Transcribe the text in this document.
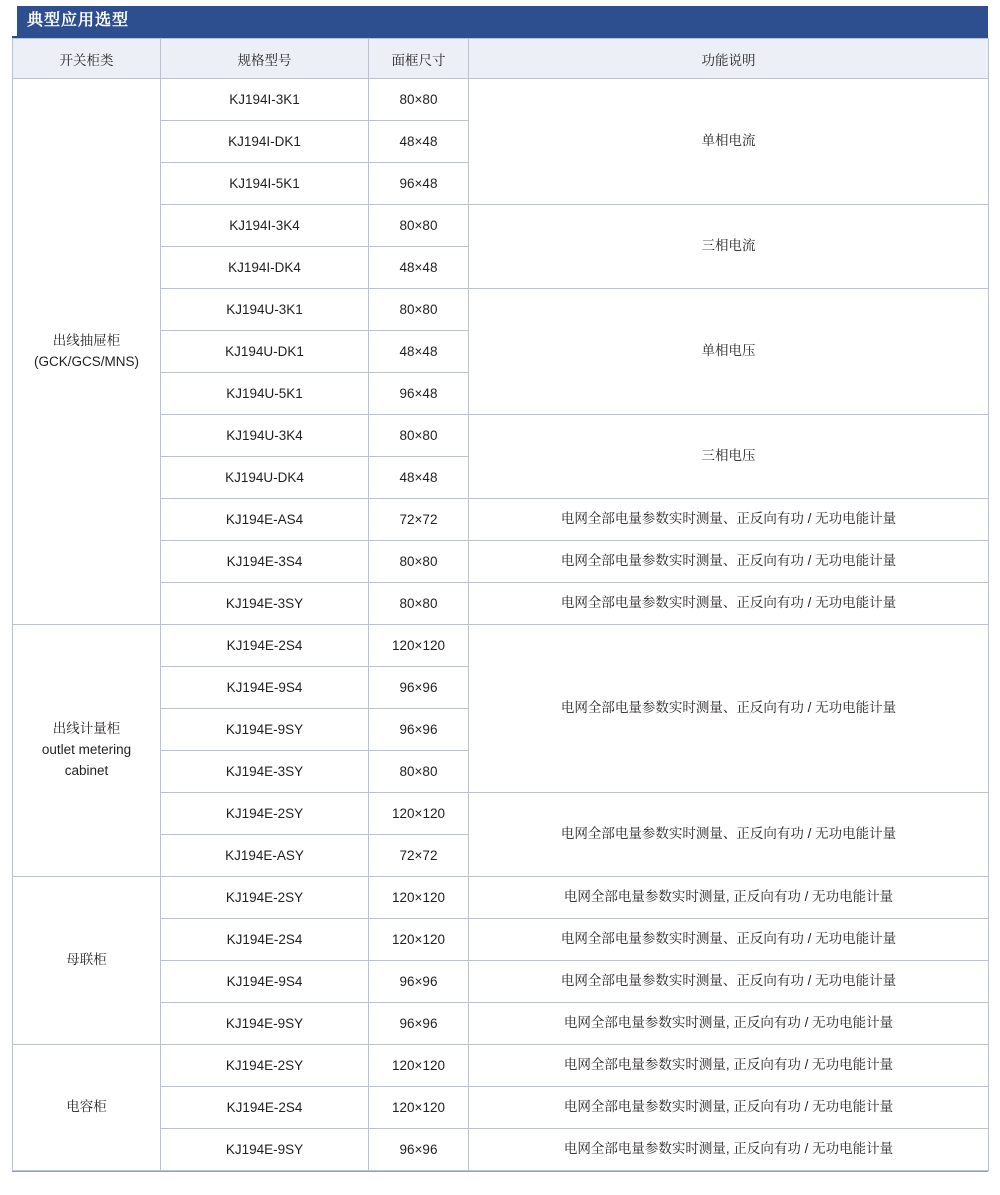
典型应用选型
开关柜类	规格型号	面框尺寸	功能说明

出线抽屉柜
(GCK/GCS/MNS)	KJ194I-3K1	80×80	单相电流
	KJ194I-DK1	48×48	
	KJ194I-5K1	96×48	
	KJ194I-3K4	80×80	三相电流
	KJ194I-DK4	48×48	
	KJ194U-3K1	80×80	单相电压
	KJ194U-DK1	48×48	
	KJ194U-5K1	96×48	
	KJ194U-3K4	80×80	三相电压
	KJ194U-DK4	48×48	
	KJ194E-AS4	72×72	电网全部电量参数实时测量、正反向有功 / 无功电能计量
	KJ194E-3S4	80×80	电网全部电量参数实时测量、正反向有功 / 无功电能计量
	KJ194E-3SY	80×80	电网全部电量参数实时测量、正反向有功 / 无功电能计量

出线计量柜
outlet metering
cabinet	KJ194E-2S4	120×120	电网全部电量参数实时测量、正反向有功 / 无功电能计量
	KJ194E-9S4	96×96	
	KJ194E-9SY	96×96	
	KJ194E-3SY	80×80	
	KJ194E-2SY	120×120	电网全部电量参数实时测量、正反向有功 / 无功电能计量
	KJ194E-ASY	72×72	

母联柜	KJ194E-2SY	120×120	电网全部电量参数实时测量, 正反向有功 / 无功电能计量
	KJ194E-2S4	120×120	电网全部电量参数实时测量、正反向有功 / 无功电能计量
	KJ194E-9S4	96×96	电网全部电量参数实时测量、正反向有功 / 无功电能计量
	KJ194E-9SY	96×96	电网全部电量参数实时测量, 正反向有功 / 无功电能计量

电容柜	KJ194E-2SY	120×120	电网全部电量参数实时测量, 正反向有功 / 无功电能计量
	KJ194E-2S4	120×120	电网全部电量参数实时测量, 正反向有功 / 无功电能计量
	KJ194E-9SY	96×96	电网全部电量参数实时测量, 正反向有功 / 无功电能计量
